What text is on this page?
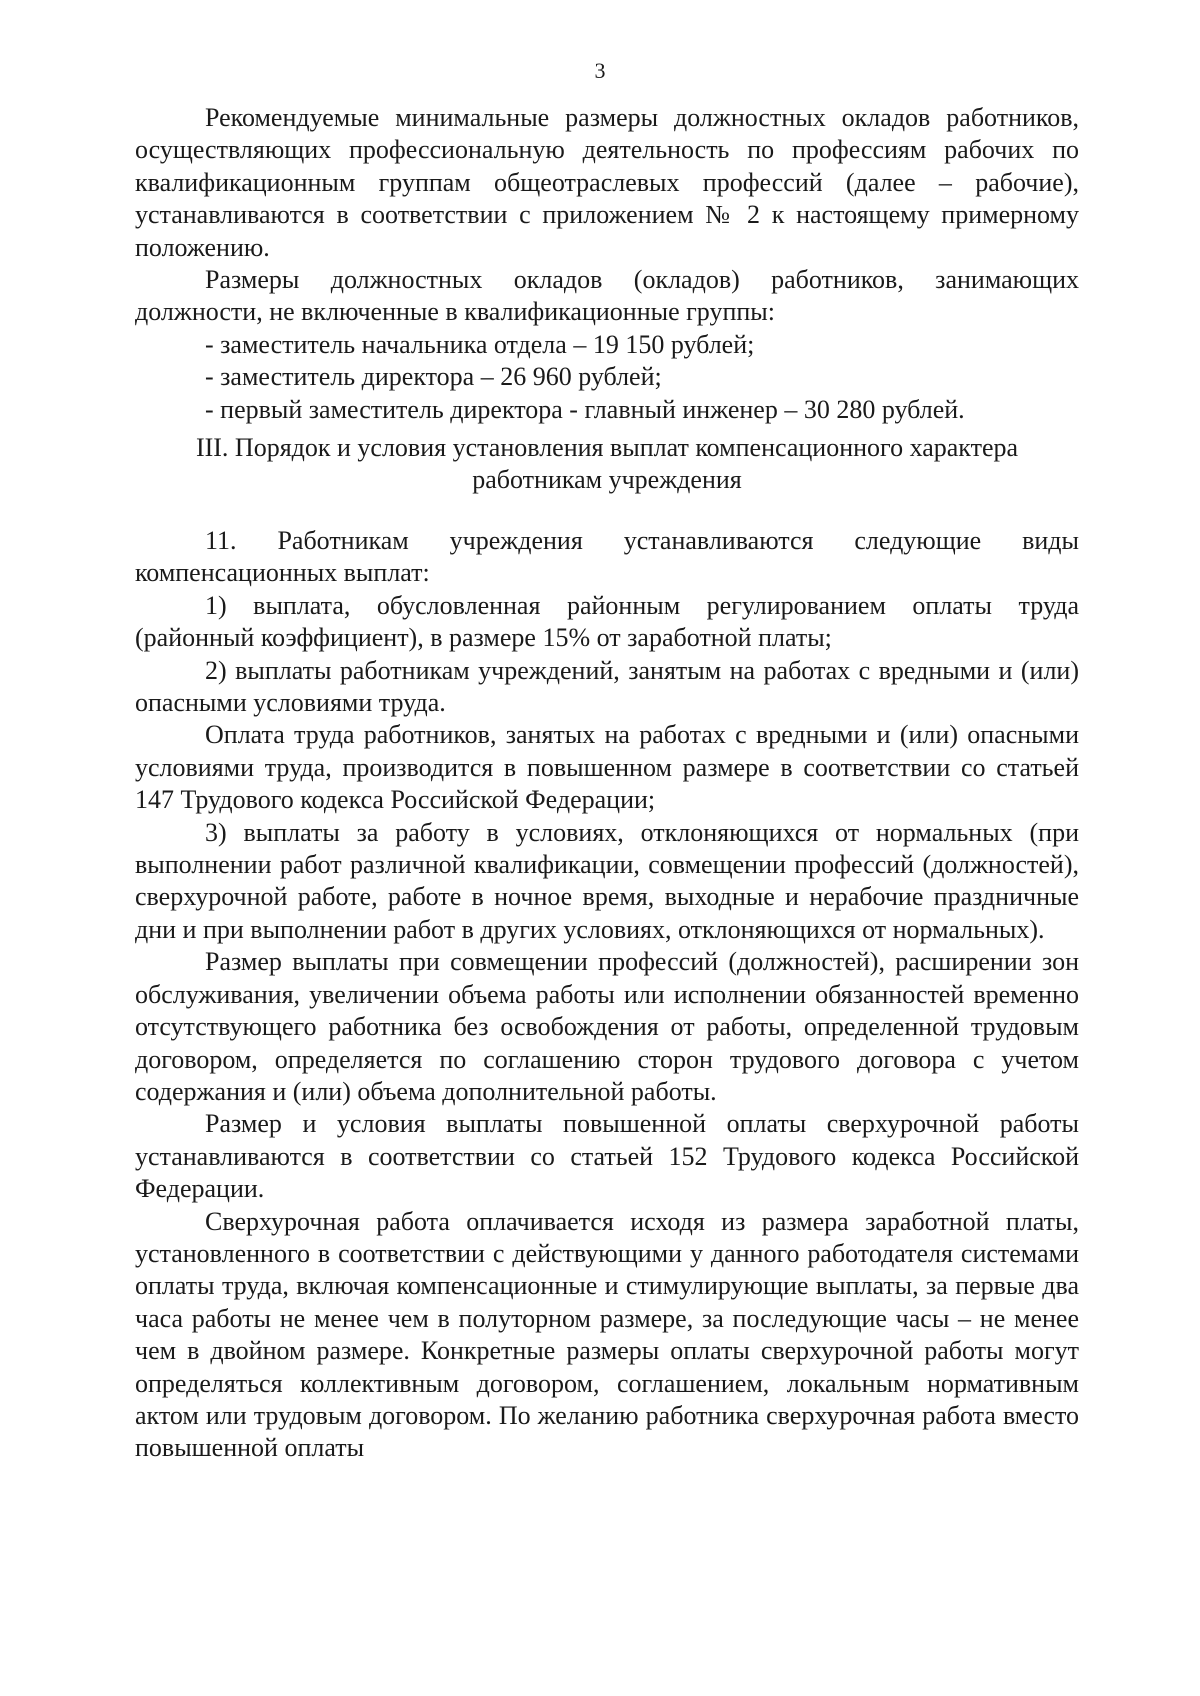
3

Рекомендуемые минимальные размеры должностных окладов работников, осуществляющих профессиональную деятельность по профессиям рабочих по квалификационным группам общеотраслевых профессий (далее – рабочие), устанавливаются в соответствии с приложением № 2 к настоящему примерному положению.

Размеры должностных окладов (окладов) работников, занимающих должности, не включенные в квалификационные группы:

- заместитель начальника отдела – 19 150 рублей;

- заместитель директора – 26 960 рублей;

- первый заместитель директора - главный инженер – 30 280 рублей.

III. Порядок и условия установления выплат компенсационного характера работникам учреждения

11. Работникам учреждения устанавливаются следующие виды компенсационных выплат:

1) выплата, обусловленная районным регулированием оплаты труда (районный коэффициент), в размере 15% от заработной платы;

2) выплаты работникам учреждений, занятым на работах с вредными и (или) опасными условиями труда.

Оплата труда работников, занятых на работах с вредными и (или) опасными условиями труда, производится в повышенном размере в соответствии со статьей 147 Трудового кодекса Российской Федерации;

3) выплаты за работу в условиях, отклоняющихся от нормальных (при выполнении работ различной квалификации, совмещении профессий (должностей), сверхурочной работе, работе в ночное время, выходные и нерабочие праздничные дни и при выполнении работ в других условиях, отклоняющихся от нормальных).

Размер выплаты при совмещении профессий (должностей), расширении зон обслуживания, увеличении объема работы или исполнении обязанностей временно отсутствующего работника без освобождения от работы, определенной трудовым договором, определяется по соглашению сторон трудового договора с учетом содержания и (или) объема дополнительной работы.

Размер и условия выплаты повышенной оплаты сверхурочной работы устанавливаются в соответствии со статьей 152 Трудового кодекса Российской Федерации.

Сверхурочная работа оплачивается исходя из размера заработной платы, установленного в соответствии с действующими у данного работодателя системами оплаты труда, включая компенсационные и стимулирующие выплаты, за первые два часа работы не менее чем в полуторном размере, за последующие часы – не менее чем в двойном размере. Конкретные размеры оплаты сверхурочной работы могут определяться коллективным договором, соглашением, локальным нормативным актом или трудовым договором. По желанию работника сверхурочная работа вместо повышенной оплаты
